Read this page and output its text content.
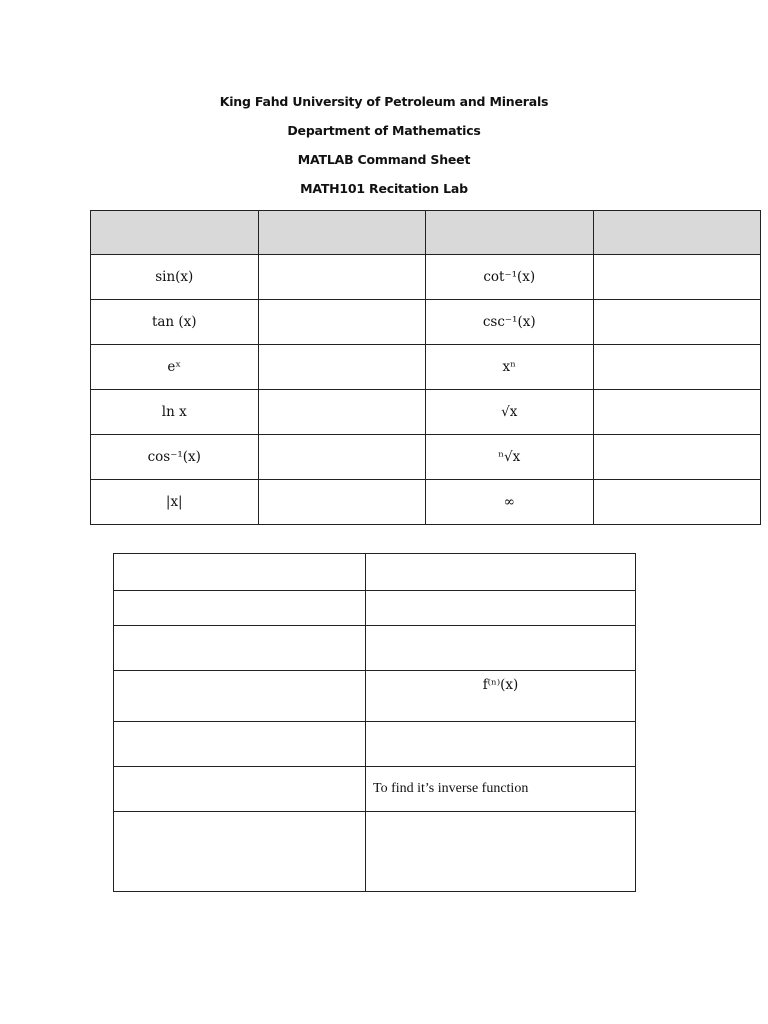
King Fahd University of Petroleum and Minerals
Department of Mathematics
MATLAB Command Sheet
MATH101 Recitation Lab

sin(x)		cot⁻¹(x)	
tan (x)		csc⁻¹(x)	
eˣ		xⁿ	
ln x		√x	
cos⁻¹(x)		ⁿ√x	
|x|		∞	

	f⁽ⁿ⁾(x)

	To find it’s inverse function
